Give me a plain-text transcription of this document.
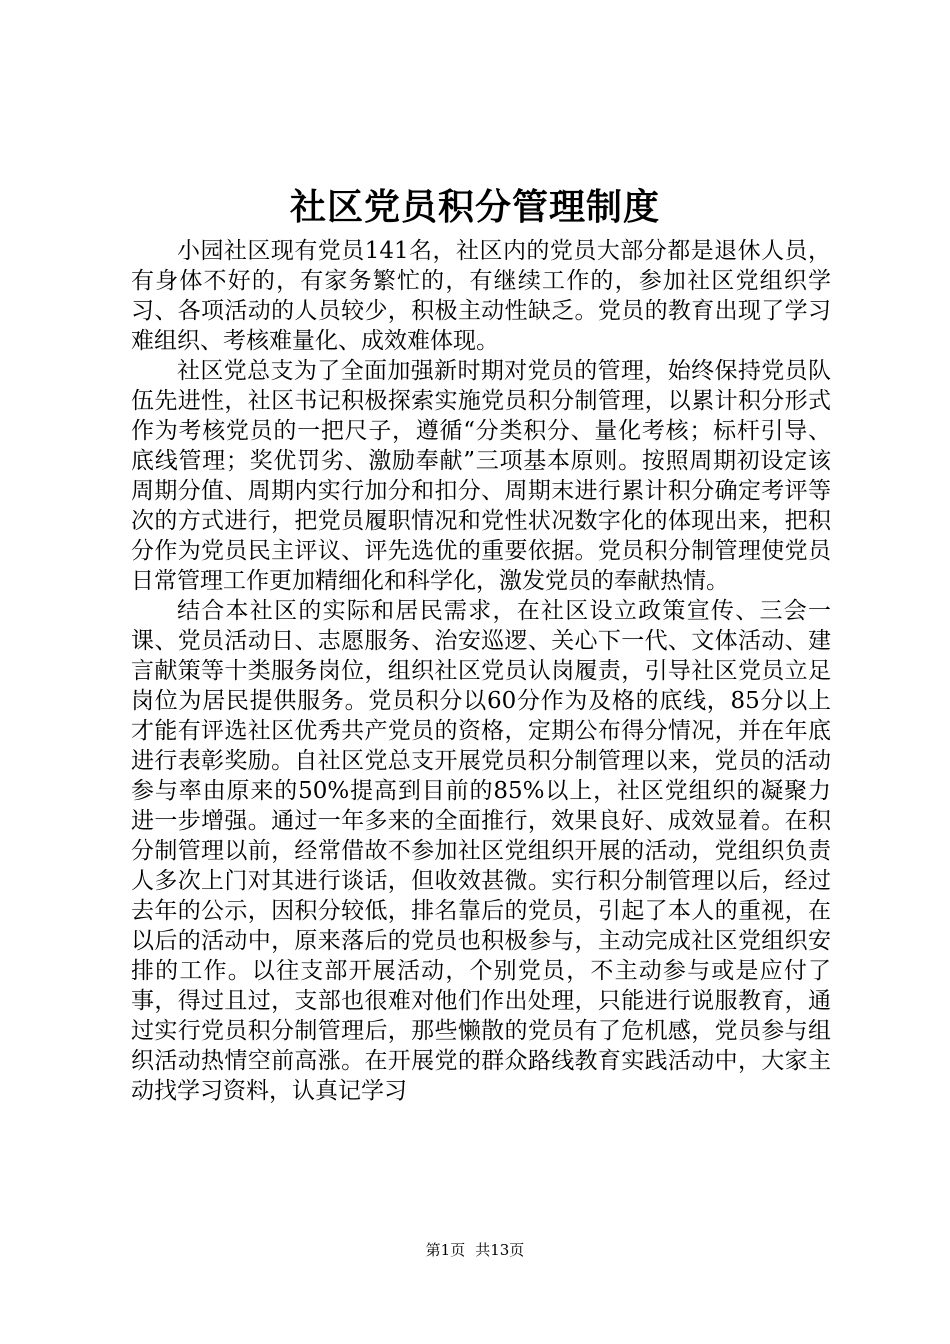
社区党员积分管理制度

小园社区现有党员141名，社区内的党员大部分都是退休人员，有身体不好的，有家务繁忙的，有继续工作的，参加社区党组织学习、各项活动的人员较少，积极主动性缺乏。党员的教育出现了学习难组织、考核难量化、成效难体现。

社区党总支为了全面加强新时期对党员的管理，始终保持党员队伍先进性，社区书记积极探索实施党员积分制管理，以累计积分形式作为考核党员的一把尺子，遵循“分类积分、量化考核；标杆引导、底线管理；奖优罚劣、激励奉献”三项基本原则。按照周期初设定该周期分值、周期内实行加分和扣分、周期末进行累计积分确定考评等次的方式进行，把党员履职情况和党性状况数字化的体现出来，把积分作为党员民主评议、评先选优的重要依据。党员积分制管理使党员日常管理工作更加精细化和科学化，激发党员的奉献热情。

结合本社区的实际和居民需求，在社区设立政策宣传、三会一课、党员活动日、志愿服务、治安巡逻、关心下一代、文体活动、建言献策等十类服务岗位，组织社区党员认岗履责，引导社区党员立足岗位为居民提供服务。党员积分以60分作为及格的底线，85分以上才能有评选社区优秀共产党员的资格，定期公布得分情况，并在年底进行表彰奖励。自社区党总支开展党员积分制管理以来，党员的活动参与率由原来的50%提高到目前的85%以上，社区党组织的凝聚力进一步增强。通过一年多来的全面推行，效果良好、成效显着。在积分制管理以前，经常借故不参加社区党组织开展的活动，党组织负责人多次上门对其进行谈话，但收效甚微。实行积分制管理以后，经过去年的公示，因积分较低，排名靠后的党员，引起了本人的重视，在以后的活动中，原来落后的党员也积极参与，主动完成社区党组织安排的工作。以往支部开展活动，个别党员，不主动参与或是应付了事，得过且过，支部也很难对他们作出处理，只能进行说服教育，通过实行党员积分制管理后，那些懒散的党员有了危机感，党员参与组织活动热情空前高涨。在开展党的群众路线教育实践活动中，大家主动找学习资料，认真记学习

第1页 共13页
